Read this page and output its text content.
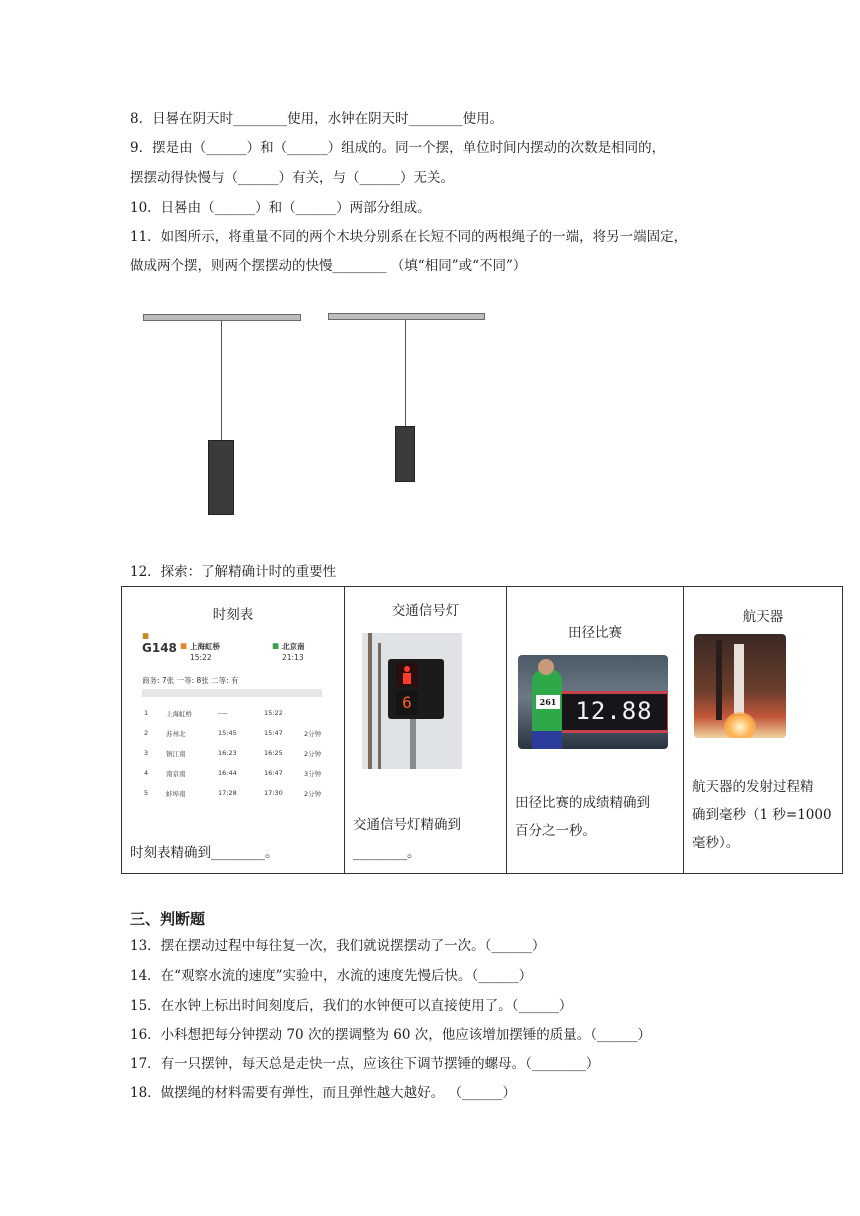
8．日晷在阴天时________使用，水钟在阴天时________使用。
9．摆是由（______）和（______）组成的。同一个摆，单位时间内摆动的次数是相同的，
摆摆动得快慢与（______）有关，与（______）无关。
10．日晷由（______）和（______）两部分组成。
11．如图所示，将重量不同的两个木块分别系在长短不同的两根绳子的一端，将另一端固定，
做成两个摆，则两个摆摆动的快慢________ （填“相同”或“不同”）
12．探索：了解精确计时的重要性
时刻表
■
G148 ■ 上海虹桥
15:22
■ 北京南
21:13
商务: 7张 一等: 8张 二等: 有
1	上海虹桥	----	15:22
2	苏州北	15:45	15:47	2分钟
3	镇江南	16:23	16:25	2分钟
4	南京南	16:44	16:47	3分钟
5	蚌埠南	17:28	17:30	2分钟
时刻表精确到________。

交通信号灯
6
交通信号灯精确到
________。

田径比赛
12.88
261
田径比赛的成绩精确到
百分之一秒。

航天器
航天器的发射过程精
确到毫秒（1 秒=1000
毫秒）。
三、判断题
13．摆在摆动过程中每往复一次，我们就说摆摆动了一次。（______）
14．在“观察水流的速度”实验中，水流的速度先慢后快。（______）
15．在水钟上标出时间刻度后，我们的水钟便可以直接使用了。（______）
16．小科想把每分钟摆动 70 次的摆调整为 60 次，他应该增加摆锤的质量。（______）
17．有一只摆钟，每天总是走快一点，应该往下调节摆锤的螺母。（________）
18．做摆绳的材料需要有弹性，而且弹性越大越好。 （______）
